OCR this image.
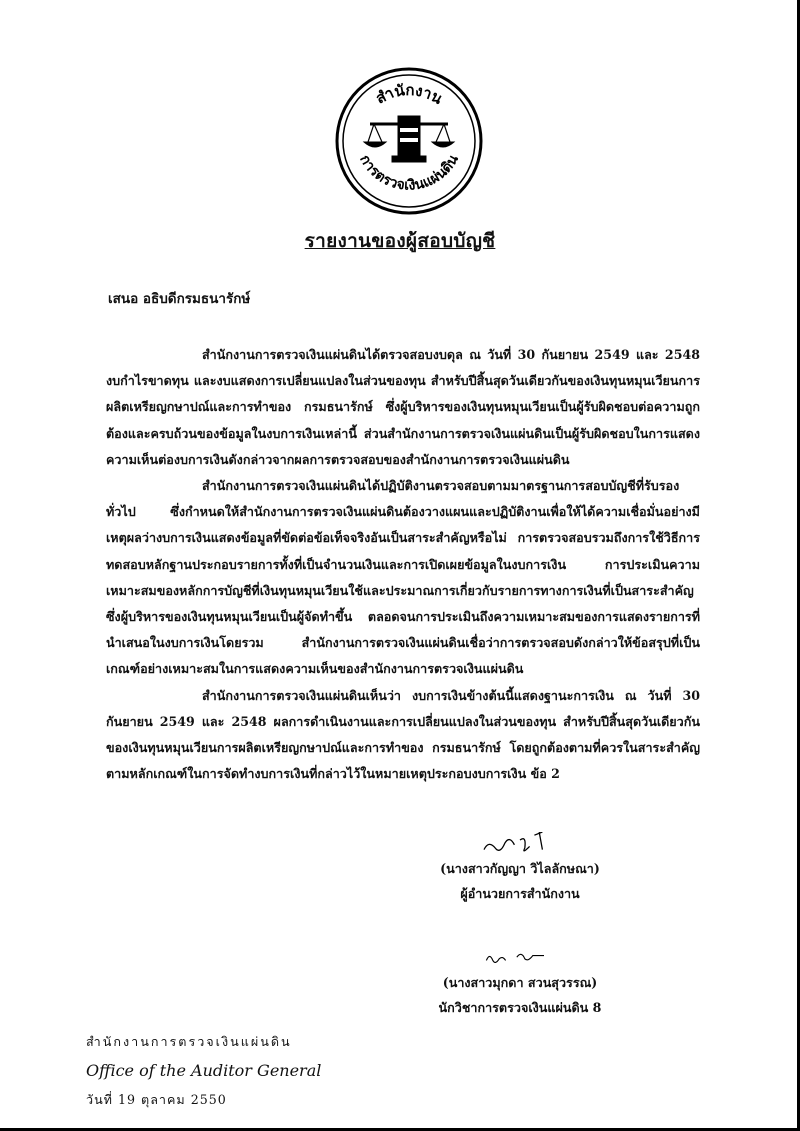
สำนักงาน
การตรวจเงินแผ่นดิน
รายงานของผู้สอบบัญชี
เสนอ อธิบดีกรมธนารักษ์

สำนักงานการตรวจเงินแผ่นดินได้ตรวจสอบงบดุล ณ วันที่ 30 กันยายน 2549 และ 2548 งบกำไรขาดทุน และงบแสดงการเปลี่ยนแปลงในส่วนของทุน สำหรับปีสิ้นสุดวันเดียวกันของเงินทุนหมุนเวียนการผลิตเหรียญกษาปณ์และการทำของ กรมธนารักษ์ ซึ่งผู้บริหารของเงินทุนหมุนเวียนเป็นผู้รับผิดชอบต่อความถูกต้องและครบถ้วนของข้อมูลในงบการเงินเหล่านี้ ส่วนสำนักงานการตรวจเงินแผ่นดินเป็นผู้รับผิดชอบในการแสดงความเห็นต่องบการเงินดังกล่าวจากผลการตรวจสอบของสำนักงานการตรวจเงินแผ่นดิน

สำนักงานการตรวจเงินแผ่นดินได้ปฏิบัติงานตรวจสอบตามมาตรฐานการสอบบัญชีที่รับรองทั่วไป ซึ่งกำหนดให้สำนักงานการตรวจเงินแผ่นดินต้องวางแผนและปฏิบัติงานเพื่อให้ได้ความเชื่อมั่นอย่างมีเหตุผลว่างบการเงินแสดงข้อมูลที่ขัดต่อข้อเท็จจริงอันเป็นสาระสำคัญหรือไม่ การตรวจสอบรวมถึงการใช้วิธีการทดสอบหลักฐานประกอบรายการทั้งที่เป็นจำนวนเงินและการเปิดเผยข้อมูลในงบการเงิน การประเมินความเหมาะสมของหลักการบัญชีที่เงินทุนหมุนเวียนใช้และประมาณการเกี่ยวกับรายการทางการเงินที่เป็นสาระสำคัญ ซึ่งผู้บริหารของเงินทุนหมุนเวียนเป็นผู้จัดทำขึ้น ตลอดจนการประเมินถึงความเหมาะสมของการแสดงรายการที่นำเสนอในงบการเงินโดยรวม สำนักงานการตรวจเงินแผ่นดินเชื่อว่าการตรวจสอบดังกล่าวให้ข้อสรุปที่เป็นเกณฑ์อย่างเหมาะสมในการแสดงความเห็นของสำนักงานการตรวจเงินแผ่นดิน

สำนักงานการตรวจเงินแผ่นดินเห็นว่า งบการเงินข้างต้นนี้แสดงฐานะการเงิน ณ วันที่ 30 กันยายน 2549 และ 2548 ผลการดำเนินงานและการเปลี่ยนแปลงในส่วนของทุน สำหรับปีสิ้นสุดวันเดียวกันของเงินทุนหมุนเวียนการผลิตเหรียญกษาปณ์และการทำของ กรมธนารักษ์ โดยถูกต้องตามที่ควรในสาระสำคัญตามหลักเกณฑ์ในการจัดทำงบการเงินที่กล่าวไว้ในหมายเหตุประกอบงบการเงิน ข้อ 2

(นางสาวกัญญา วิไลลักษณา)
ผู้อำนวยการสำนักงาน
(นางสาวมุกดา สวนสุวรรณ)
นักวิชาการตรวจเงินแผ่นดิน 8
สำนักงานการตรวจเงินแผ่นดิน
Office of the Auditor General
วันที่ 19 ตุลาคม 2550
